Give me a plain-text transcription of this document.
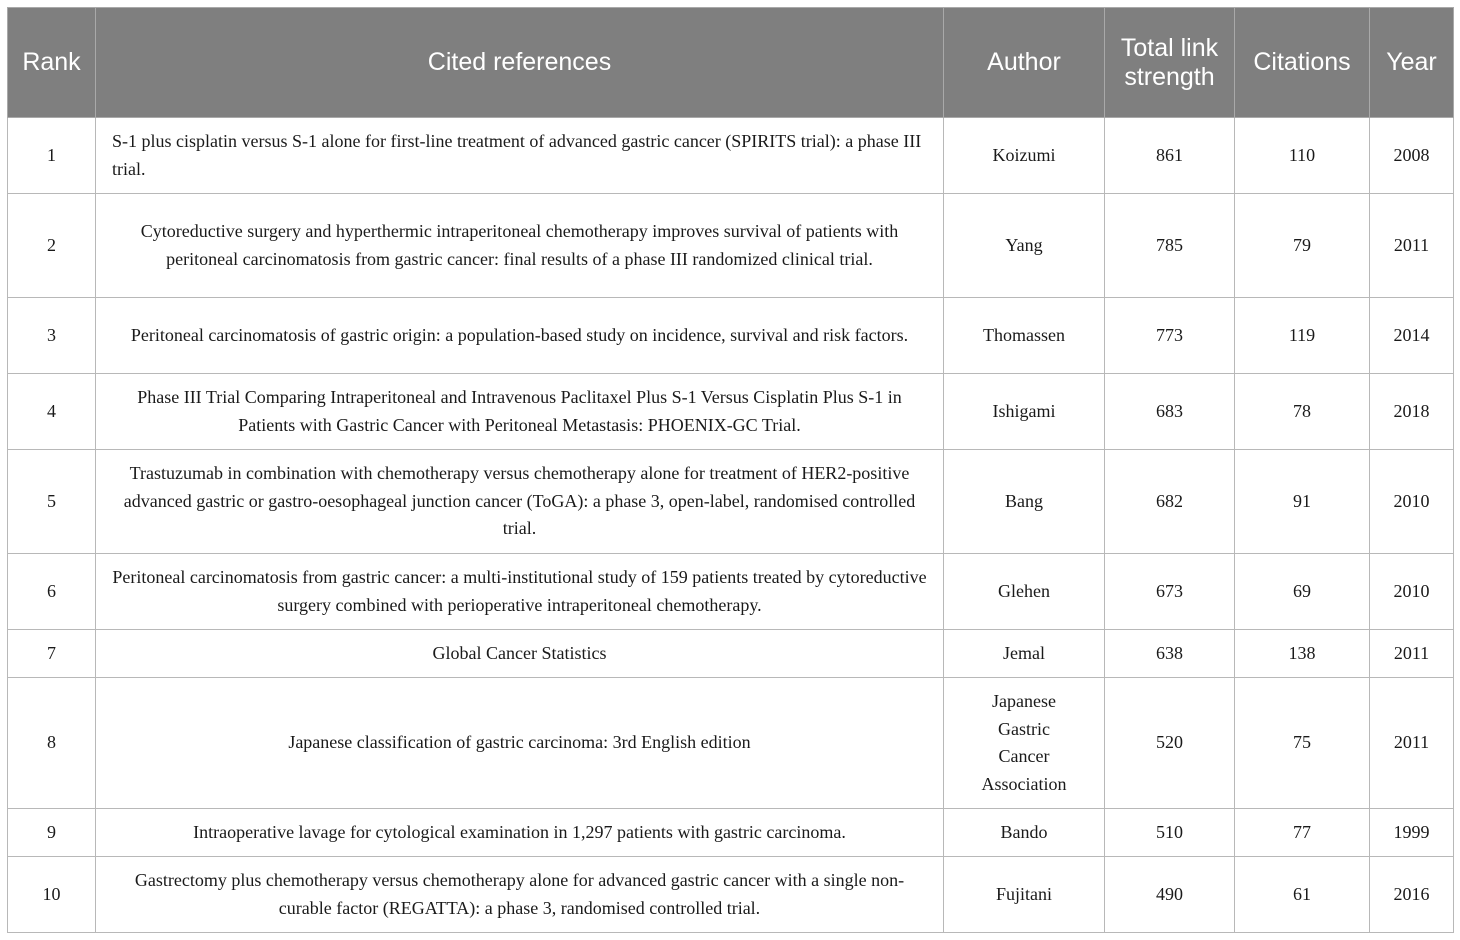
Rank	Cited references	Author	Total link strength	Citations	Year
1	S-1 plus cisplatin versus S-1 alone for first-line treatment of advanced gastric cancer (SPIRITS trial): a phase III trial.	Koizumi	861	110	2008
2	Cytoreductive surgery and hyperthermic intraperitoneal chemotherapy improves survival of patients with peritoneal carcinomatosis from gastric cancer: final results of a phase III randomized clinical trial.	Yang	785	79	2011
3	Peritoneal carcinomatosis of gastric origin: a population-based study on incidence, survival and risk factors.	Thomassen	773	119	2014
4	Phase III Trial Comparing Intraperitoneal and Intravenous Paclitaxel Plus S-1 Versus Cisplatin Plus S-1 in Patients with Gastric Cancer with Peritoneal Metastasis: PHOENIX-GC Trial.	Ishigami	683	78	2018
5	Trastuzumab in combination with chemotherapy versus chemotherapy alone for treatment of HER2-positive advanced gastric or gastro-oesophageal junction cancer (ToGA): a phase 3, open-label, randomised controlled trial.	Bang	682	91	2010
6	Peritoneal carcinomatosis from gastric cancer: a multi-institutional study of 159 patients treated by cytoreductive surgery combined with perioperative intraperitoneal chemotherapy.	Glehen	673	69	2010
7	Global Cancer Statistics	Jemal	638	138	2011
8	Japanese classification of gastric carcinoma: 3rd English edition	Japanese Gastric Cancer Association	520	75	2011
9	Intraoperative lavage for cytological examination in 1,297 patients with gastric carcinoma.	Bando	510	77	1999
10	Gastrectomy plus chemotherapy versus chemotherapy alone for advanced gastric cancer with a single non-curable factor (REGATTA): a phase 3, randomised controlled trial.	Fujitani	490	61	2016
